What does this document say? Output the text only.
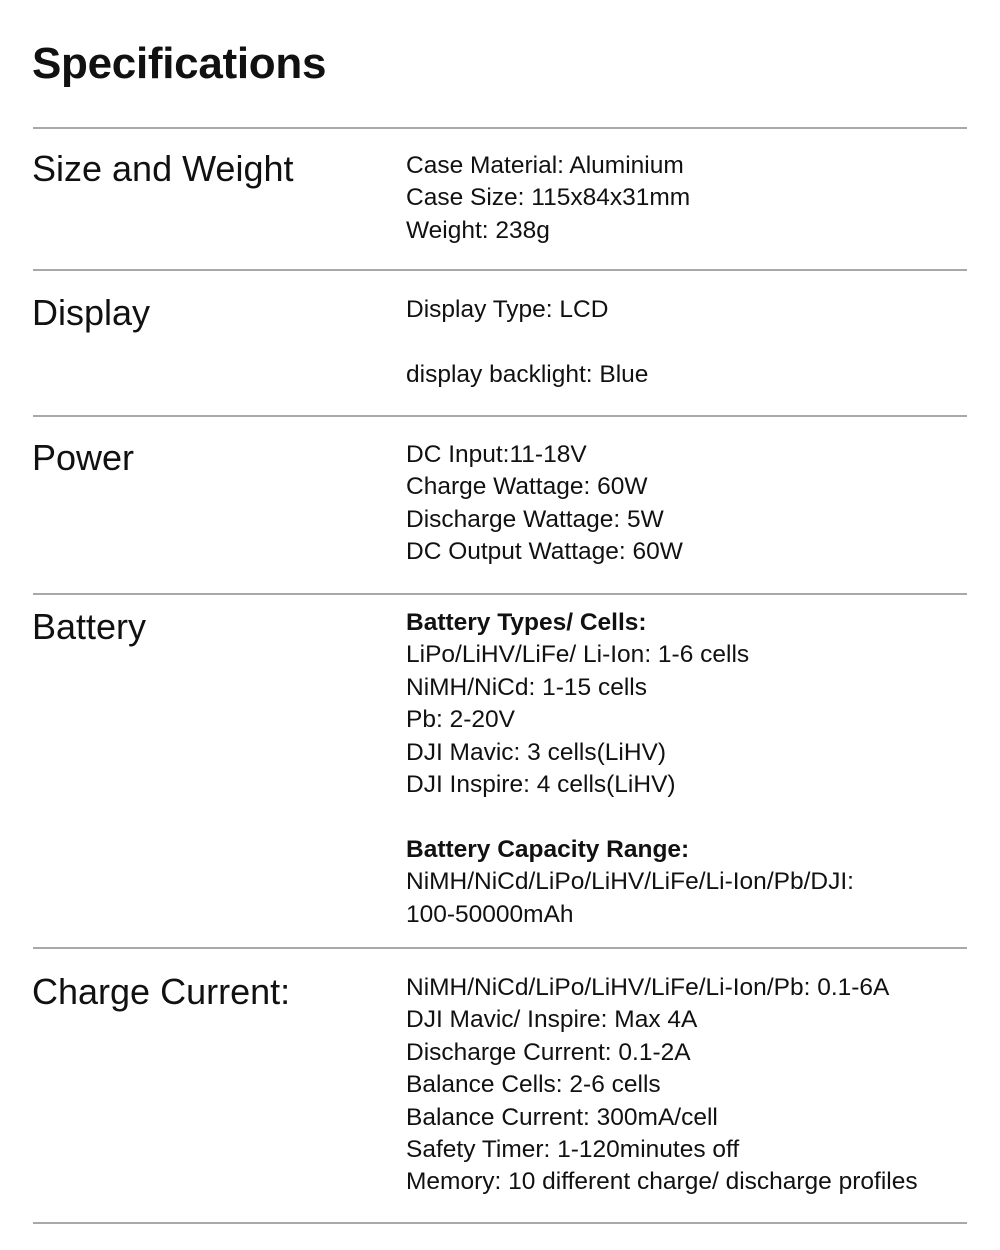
Specifications
Size and Weight	Case Material: Aluminium
Case Size: 115x84x31mm
Weight: 238g
Display	Display Type: LCD
display backlight: Blue
Power	DC Input:11-18V
Charge Wattage: 60W
Discharge Wattage: 5W
DC Output Wattage: 60W
Battery	Battery Types/ Cells:
LiPo/LiHV/LiFe/ Li-Ion: 1-6 cells
NiMH/NiCd: 1-15 cells
Pb: 2-20V
DJI Mavic: 3 cells(LiHV)
DJI Inspire: 4 cells(LiHV)
Battery Capacity Range:
NiMH/NiCd/LiPo/LiHV/LiFe/Li-Ion/Pb/DJI:
100-50000mAh
Charge Current:	NiMH/NiCd/LiPo/LiHV/LiFe/Li-Ion/Pb: 0.1-6A
DJI Mavic/ Inspire: Max 4A
Discharge Current: 0.1-2A
Balance Cells: 2-6 cells
Balance Current: 300mA/cell
Safety Timer: 1-120minutes off
Memory: 10 different charge/ discharge profiles
